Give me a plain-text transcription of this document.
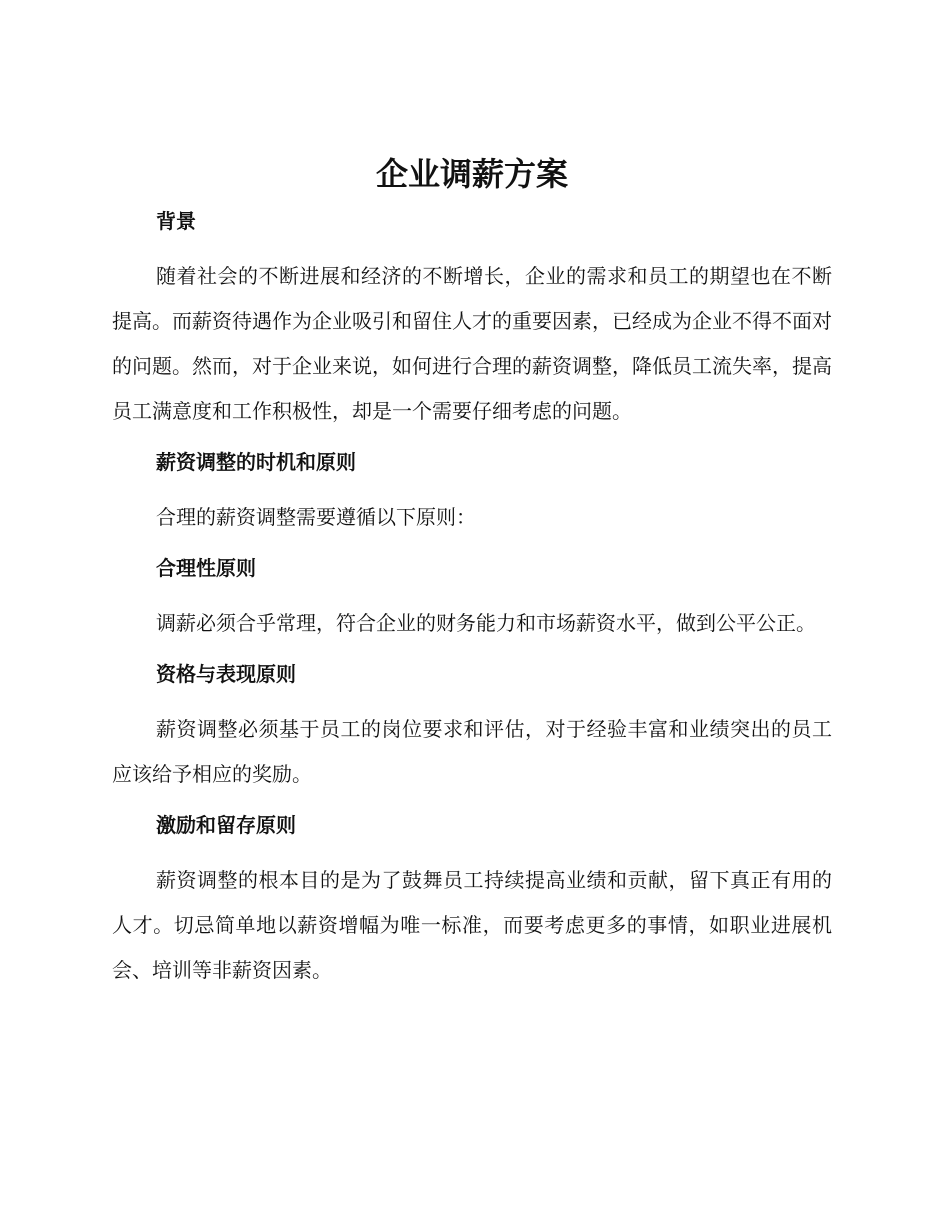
企业调薪方案
背景

随着社会的不断进展和经济的不断增长，企业的需求和员工的期望也在不断提高。而薪资待遇作为企业吸引和留住人才的重要因素，已经成为企业不得不面对的问题。然而，对于企业来说，如何进行合理的薪资调整，降低员工流失率，提高员工满意度和工作积极性，却是一个需要仔细考虑的问题。

薪资调整的时机和原则

合理的薪资调整需要遵循以下原则：

合理性原则

调薪必须合乎常理，符合企业的财务能力和市场薪资水平，做到公平公正。

资格与表现原则

薪资调整必须基于员工的岗位要求和评估，对于经验丰富和业绩突出的员工应该给予相应的奖励。

激励和留存原则

薪资调整的根本目的是为了鼓舞员工持续提高业绩和贡献，留下真正有用的人才。切忌简单地以薪资增幅为唯一标准，而要考虑更多的事情，如职业进展机会、培训等非薪资因素。
